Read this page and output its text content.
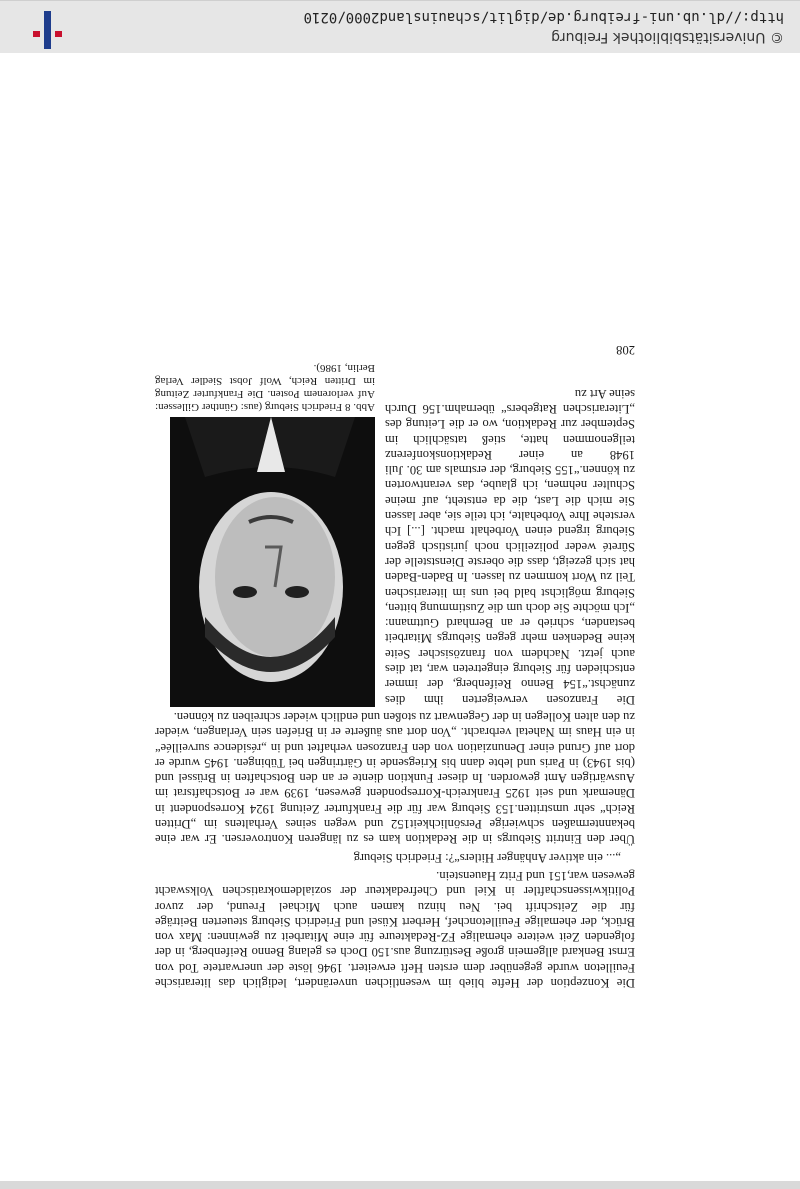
© Universitätsbibliothek Freiburg
http://dl.ub.uni-freiburg.de/diglit/schauinsland2000/0210

Die Konzeption der Hefte blieb im wesentlichen unverändert, lediglich das literarische Feuilleton wurde gegenüber dem ersten Heft erweitert. 1946 löste der unerwartete Tod von Ernst Benkard allgemein große Bestürzung aus.150 Doch es gelang Benno Reifenberg, in der folgenden Zeit weitere ehemalige FZ-Redakteure für eine Mitarbeit zu gewinnen: Max von Brück, der ehemalige Feuilletonchef, Herbert Küsel und Friedrich Sieburg steuerten Beiträge für die Zeitschrift bei. Neu hinzu kamen auch Michael Freund, der zuvor Politikwissenschaftler in Kiel und Chefredakteur der sozialdemokratischen Volkswacht gewesen war,151 und Fritz Hauenstein.

„... ein aktiver Anhänger Hitlers“?: Friedrich Sieburg

Über den Eintritt Sieburgs in die Redaktion kam es zu längeren Kontroversen. Er war eine bekanntermaßen schwierige Persönlichkeit152 und wegen seines Verhaltens im „Dritten Reich“ sehr umstritten.153 Sieburg war für die Frankfurter Zeitung 1924 Korrespondent in Dänemark und seit 1925 Frankreich-Korrespondent gewesen, 1939 war er Botschaftsrat im Auswärtigen Amt geworden. In dieser Funktion diente er an den Botschaften in Brüssel und (bis 1943) in Paris und lebte dann bis Kriegsende in Gärtringen bei Tübingen. 1945 wurde er dort auf Grund einer Denunziation von den Franzosen verhaftet und in „résidence surveillée“ in ein Haus im Nahetal verbracht. „Von dort aus äußerte er in Briefen sein Verlangen, wieder zu den alten Kollegen in der Gegenwart zu stoßen und endlich wieder schreiben zu können.

Die Franzosen verweigerten ihm dies zunächst.“154 Benno Reifenberg, der immer entschieden für Sieburg eingetreten war, tat dies auch jetzt. Nachdem von französischer Seite keine Bedenken mehr gegen Sieburgs Mitarbeit bestanden, schrieb er an Bernhard Guttmann: „Ich möchte Sie doch um die Zustimmung bitten, Sieburg möglichst bald bei uns im literarischen Teil zu Wort kommen zu lassen. In Baden-Baden hat sich gezeigt, dass die oberste Dienststelle der Sûreté weder polizeilich noch juristisch gegen Sieburg irgend einen Vorbehalt macht. [...] Ich verstehe Ihre Vorbehalte, ich teile sie, aber lassen Sie mich die Last, die da entsteht, auf meine Schulter nehmen, ich glaube, das verantworten zu können.“155 Sieburg, der erstmals am 30. Juli 1948 an einer Redaktionskonferenz teilgenommen hatte, stieß tatsächlich im September zur Redaktion, wo er die Leitung des „Literarischen Ratgebers“ übernahm.156 Durch seine Art zu

Abb. 8 Friedrich Sieburg (aus: Günther Gillessen: Auf verlorenem Posten. Die Frankfurter Zeitung im Dritten Reich, Wolf Jobst Siedler Verlag Berlin, 1986).

208
